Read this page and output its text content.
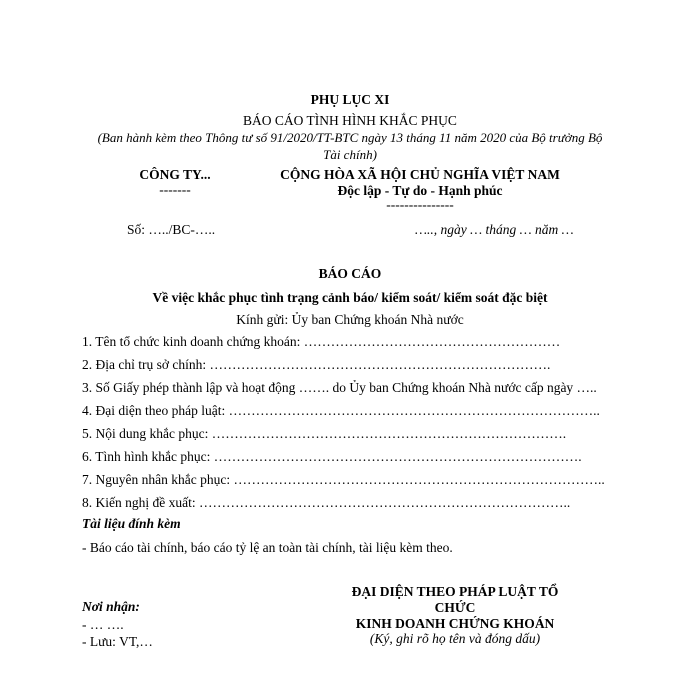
PHỤ LỤC XI
BÁO CÁO TÌNH HÌNH KHẮC PHỤC
(Ban hành kèm theo Thông tư số 91/2020/TT-BTC ngày 13 tháng 11 năm 2020 của Bộ trưởng Bộ
Tài chính)
CÔNG TY...
-------
CỘNG HÒA XÃ HỘI CHỦ NGHĨA VIỆT NAM
Độc lập - Tự do - Hạnh phúc
---------------
Số: …../BC-…..	….., ngày … tháng … năm …
BÁO CÁO
Về việc khắc phục tình trạng cảnh báo/ kiểm soát/ kiểm soát đặc biệt
Kính gửi: Ủy ban Chứng khoán Nhà nước
1. Tên tổ chức kinh doanh chứng khoán: …………………………………………………
2. Địa chỉ trụ sở chính: ………………………………………………………………….
3. Số Giấy phép thành lập và hoạt động ……. do Ủy ban Chứng khoán Nhà nước cấp ngày …..
4. Đại diện theo pháp luật: ………………………………………………………………………..
5. Nội dung khắc phục: …………………………………………………………………….
6. Tình hình khắc phục: ……………………………………………………………………….
7. Nguyên nhân khắc phục: ………………………………………………………………………..
8. Kiến nghị đề xuất: ………………………………………………………………………..
Tài liệu đính kèm
- Báo cáo tài chính, báo cáo tỷ lệ an toàn tài chính, tài liệu kèm theo.
Nơi nhận:
- … ….
- Lưu: VT,…
ĐẠI DIỆN THEO PHÁP LUẬT TỔ
CHỨC
KINH DOANH CHỨNG KHOÁN
(Ký, ghi rõ họ tên và đóng dấu)
